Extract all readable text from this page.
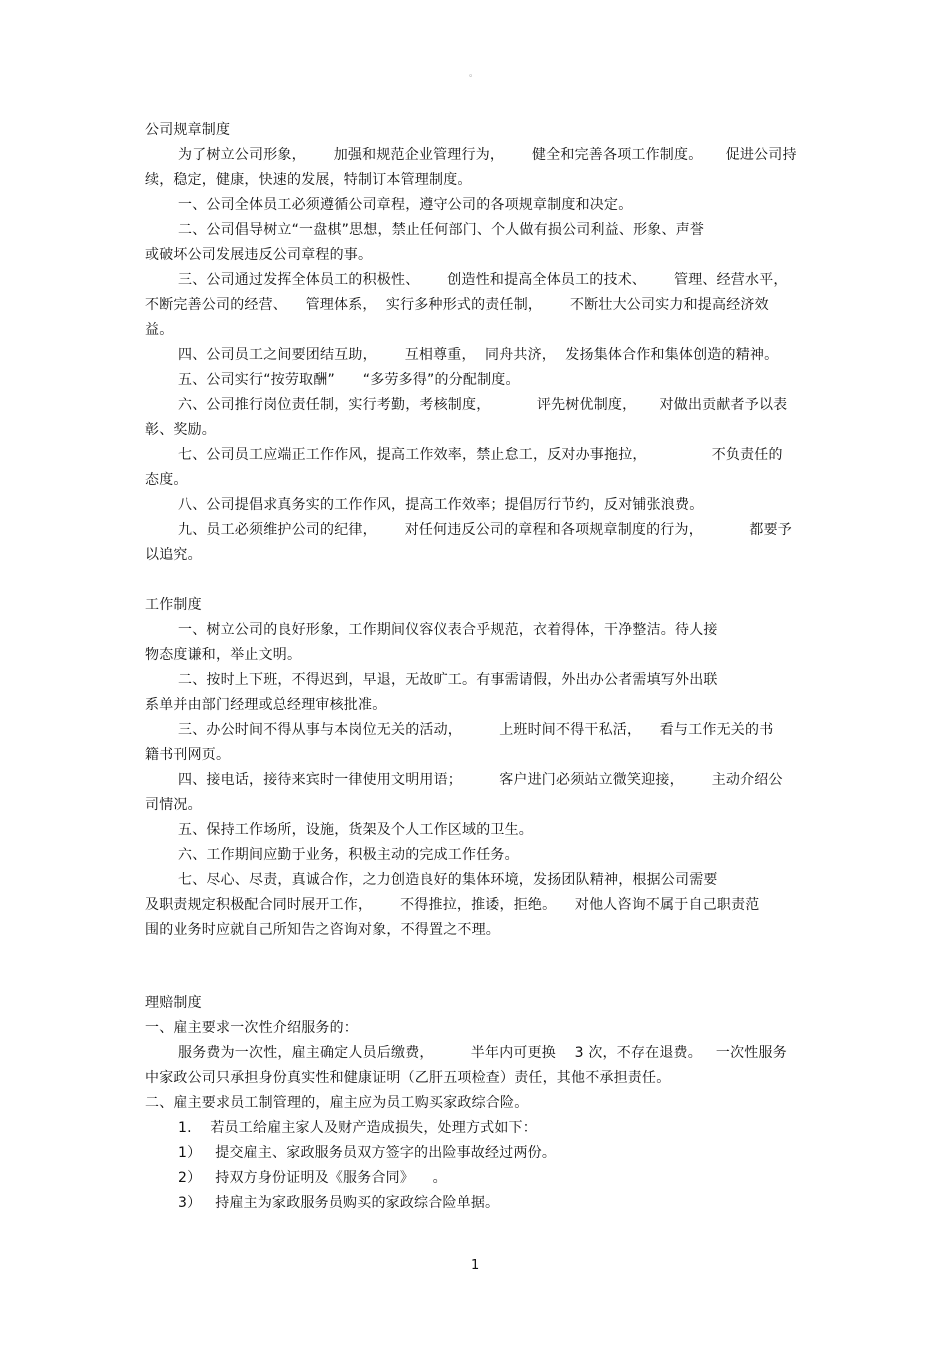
。
公司规章制度
为了树立公司形象，      加强和规范企业管理行为，      健全和完善各项工作制度。     促进公司持
续，稳定，健康，快速的发展，特制订本管理制度。
一、公司全体员工必须遵循公司章程，遵守公司的各项规章制度和决定。
二、公司倡导树立“一盘棋”思想，禁止任何部门、个人做有损公司利益、形象、声誉
或破坏公司发展违反公司章程的事。
三、公司通过发挥全体员工的积极性、      创造性和提高全体员工的技术、      管理、经营水平，
不断完善公司的经营、    管理体系，  实行多种形式的责任制，      不断壮大公司实力和提高经济效
益。
四、公司员工之间要团结互助，      互相尊重，  同舟共济，  发扬集体合作和集体创造的精神。
五、公司实行“按劳取酬”      “多劳多得”的分配制度。
六、公司推行岗位责任制，实行考勤，考核制度，          评先树优制度，     对做出贡献者予以表
彰、奖励。
七、公司员工应端正工作作风，提高工作效率，禁止怠工，反对办事拖拉，              不负责任的
态度。
八、公司提倡求真务实的工作作风，提高工作效率；提倡厉行节约，反对铺张浪费。
九、员工必须维护公司的纪律，      对任何违反公司的章程和各项规章制度的行为，          都要予
以追究。
工作制度
一、树立公司的良好形象，工作期间仪容仪表合乎规范，衣着得体，干净整洁。待人接
物态度谦和，举止文明。
二、按时上下班，不得迟到，早退，无故旷工。有事需请假，外出办公者需填写外出联
系单并由部门经理或总经理审核批准。
三、办公时间不得从事与本岗位无关的活动，        上班时间不得干私活，    看与工作无关的书
籍书刊网页。
四、接电话，接待来宾时一律使用文明用语；        客户进门必须站立微笑迎接，      主动介绍公
司情况。
五、保持工作场所，设施，货架及个人工作区域的卫生。
六、工作期间应勤于业务，积极主动的完成工作任务。
七、尽心、尽责，真诚合作，之力创造良好的集体环境，发扬团队精神，根据公司需要
及职责规定积极配合同时展开工作，      不得推拉，推诿，拒绝。    对他人咨询不属于自己职责范
围的业务时应就自己所知告之咨询对象，不得置之不理。
理赔制度
一、雇主要求一次性介绍服务的：
服务费为一次性，雇主确定人员后缴费，        半年内可更换    3 次，不存在退费。   一次性服务
中家政公司只承担身份真实性和健康证明（乙肝五项检查）责任，其他不承担责任。
二、雇主要求员工制管理的，雇主应为员工购买家政综合险。
1.    若员工给雇主家人及财产造成损失，处理方式如下：
1）   提交雇主、家政服务员双方签字的出险事故经过两份。
2）   持双方身份证明及《服务合同》    。
3）   持雇主为家政服务员购买的家政综合险单据。
1
